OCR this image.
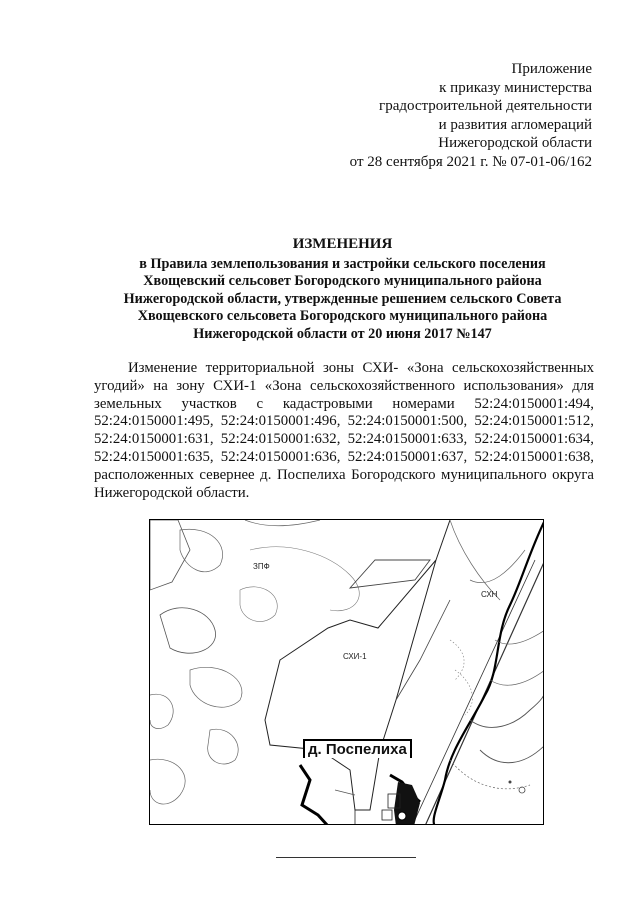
Приложение
к приказу министерства
градостроительной деятельности
и развития агломераций
Нижегородской области
от 28 сентября 2021 г. № 07-01-06/162
ИЗМЕНЕНИЯ
в Правила землепользования и застройки сельского поселения
Хвощевский сельсовет Богородского муниципального района
Нижегородской области, утвержденные решением сельского Совета
Хвощевского сельсовета Богородского муниципального района
Нижегородской области от 20 июня 2017 №147
Изменение территориальной зоны СХИ- «Зона сельскохозяйственных
угодий» на зону СХИ-1 «Зона сельскохозяйственного использования» для
земельных участков с кадастровыми номерами 52:24:0150001:494,
52:24:0150001:495, 52:24:0150001:496, 52:24:0150001:500, 52:24:0150001:512,
52:24:0150001:631, 52:24:0150001:632, 52:24:0150001:633, 52:24:0150001:634,
52:24:0150001:635, 52:24:0150001:636, 52:24:0150001:637, 52:24:0150001:638,
расположенных севернее д. Поспелиха Богородского муниципального округа
Нижегородской области.
ЗПФ
СХИ-1
СХН
д. Поспелиха
